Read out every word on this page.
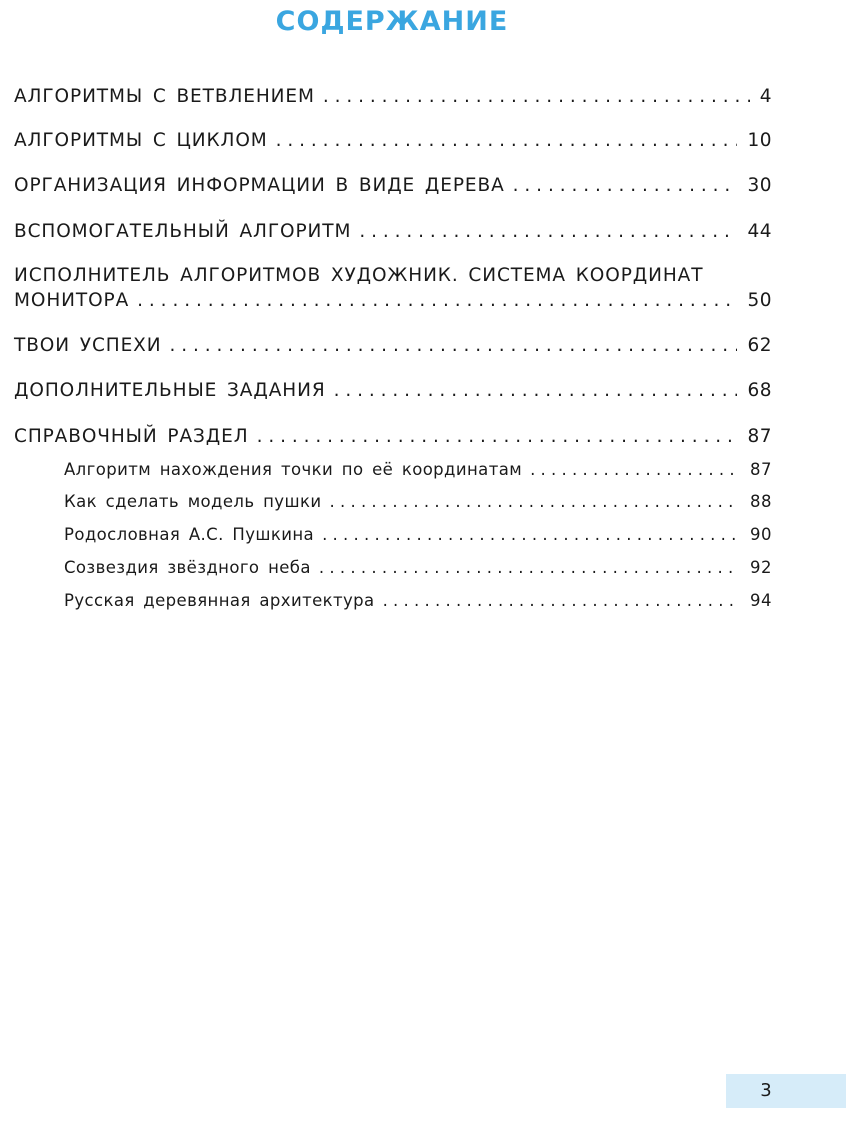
СОДЕРЖАНИЕ
АЛГОРИТМЫ С ВЕТВЛЕНИЕМ . . .	4
АЛГОРИТМЫ С ЦИКЛОМ . . .	10
ОРГАНИЗАЦИЯ ИНФОРМАЦИИ В ВИДЕ ДЕРЕВА . . .	30
ВСПОМОГАТЕЛЬНЫЙ АЛГОРИТМ . . .	44
ИСПОЛНИТЕЛЬ АЛГОРИТМОВ ХУДОЖНИК. СИСТЕМА КООРДИНАТ
МОНИТОРА . . .	50
ТВОИ УСПЕХИ . . .	62
ДОПОЛНИТЕЛЬНЫЕ ЗАДАНИЯ . . .	68
СПРАВОЧНЫЙ РАЗДЕЛ . . .	87
Алгоритм нахождения точки по её координатам . . .	87
Как сделать модель пушки . . .	88
Родословная А.С. Пушкина . . .	90
Созвездия звёздного неба . . .	92
Русская деревянная архитектура . . .	94
3
